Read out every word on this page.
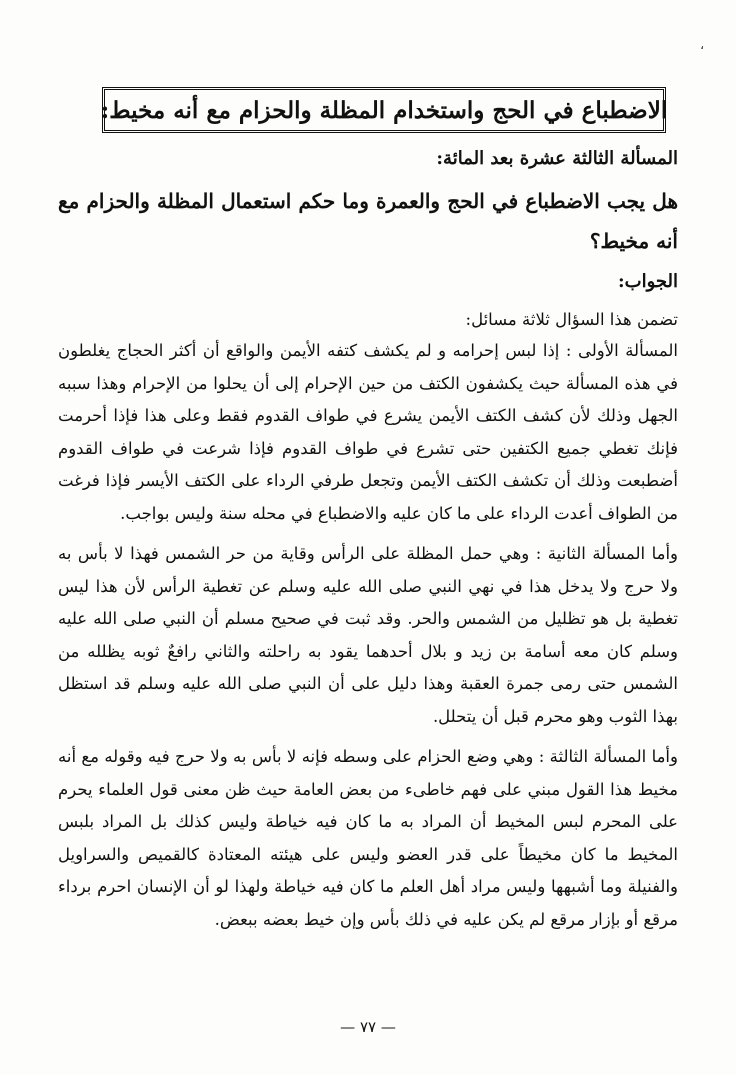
،
الاضطباع في الحج واستخدام المظلة والحزام مع أنه مخيط:
المسألة الثالثة عشرة بعد المائة:
هل يجب الاضطباع في الحج والعمرة وما حكم استعمال المظلة والحزام مع أنه مخيط؟
الجواب:
تضمن هذا السؤال ثلاثة مسائل:

المسألة الأولى : إذا لبس إحرامه و لم يكشف كتفه الأيمن والواقع أن أكثر الحجاج يغلطون في هذه المسألة حيث يكشفون الكتف من حين الإحرام إلى أن يحلوا من الإحرام وهذا سببه الجهل وذلك لأن كشف الكتف الأيمن يشرع في طواف القدوم فقط وعلى هذا فإذا أحرمت فإنك تغطي جميع الكتفين حتى تشرع في طواف القدوم فإذا شرعت في طواف القدوم أضطبعت وذلك أن تكشف الكتف الأيمن وتجعل طرفي الرداء على الكتف الأيسر فإذا فرغت من الطواف أعدت الرداء على ما كان عليه والاضطباع في محله سنة وليس بواجب.

وأما المسألة الثانية : وهي حمل المظلة على الرأس وقاية من حر الشمس فهذا لا بأس به ولا حرج ولا يدخل هذا في نهي النبي صلى الله عليه وسلم عن تغطية الرأس لأن هذا ليس تغطية بل هو تظليل من الشمس والحر. وقد ثبت في صحيح مسلم أن النبي صلى الله عليه وسلم كان معه أسامة بن زيد و بلال أحدهما يقود به راحلته والثاني رافعٌ ثوبه يظلله من الشمس حتى رمى جمرة العقبة وهذا دليل على أن النبي صلى الله عليه وسلم قد استظل بهذا الثوب وهو محرم قبل أن يتحلل.

وأما المسألة الثالثة : وهي وضع الحزام على وسطه فإنه لا بأس به ولا حرج فيه وقوله مع أنه مخيط هذا القول مبني على فهم خاطىء من بعض العامة حيث ظن معنى قول العلماء يحرم على المحرم لبس المخيط أن المراد به ما كان فيه خياطة وليس كذلك بل المراد بلبس المخيط ما كان مخيطاً على قدر العضو وليس على هيئته المعتادة كالقميص والسراويل والفنيلة وما أشبهها وليس مراد أهل العلم ما كان فيه خياطة ولهذا لو أن الإنسان احرم برداء مرقع أو بإزار مرقع لم يكن عليه في ذلك بأس وإن خيط بعضه ببعض.

— ٧٧ —
